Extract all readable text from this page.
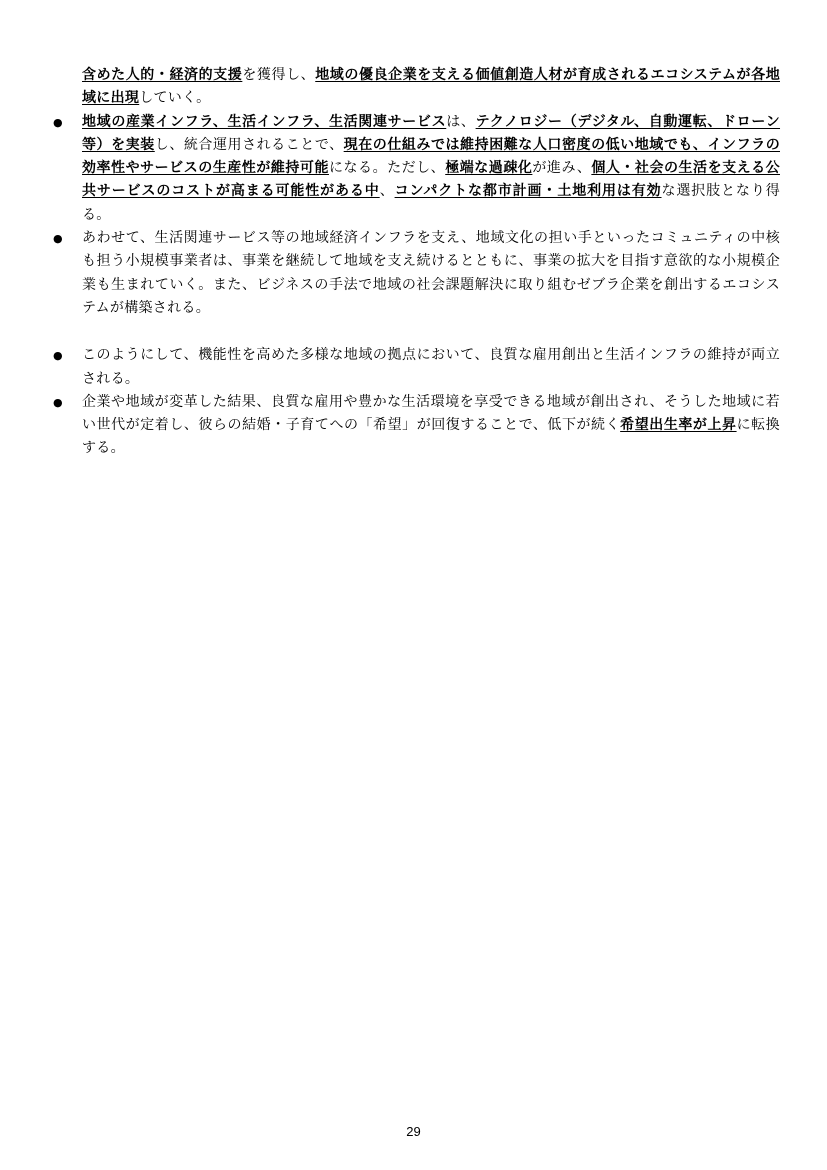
含めた人的・経済的支援を獲得し、地域の優良企業を支える価値創造人材が育成されるエコシステムが各地域に出現していく。
● 地域の産業インフラ、生活インフラ、生活関連サービスは、テクノロジー（デジタル、自動運転、ドローン等）を実装し、統合運用されることで、現在の仕組みでは維持困難な人口密度の低い地域でも、インフラの効率性やサービスの生産性が維持可能になる。ただし、極端な過疎化が進み、個人・社会の生活を支える公共サービスのコストが高まる可能性がある中、コンパクトな都市計画・土地利用は有効な選択肢となり得る。
● あわせて、生活関連サービス等の地域経済インフラを支え、地域文化の担い手といったコミュニティの中核も担う小規模事業者は、事業を継続して地域を支え続けるとともに、事業の拡大を目指す意欲的な小規模企業も生まれていく。また、ビジネスの手法で地域の社会課題解決に取り組むゼブラ企業を創出するエコシステムが構築される。
● このようにして、機能性を高めた多様な地域の拠点において、良質な雇用創出と生活インフラの維持が両立される。
● 企業や地域が変革した結果、良質な雇用や豊かな生活環境を享受できる地域が創出され、そうした地域に若い世代が定着し、彼らの結婚・子育てへの「希望」が回復することで、低下が続く希望出生率が上昇に転換する。
29
